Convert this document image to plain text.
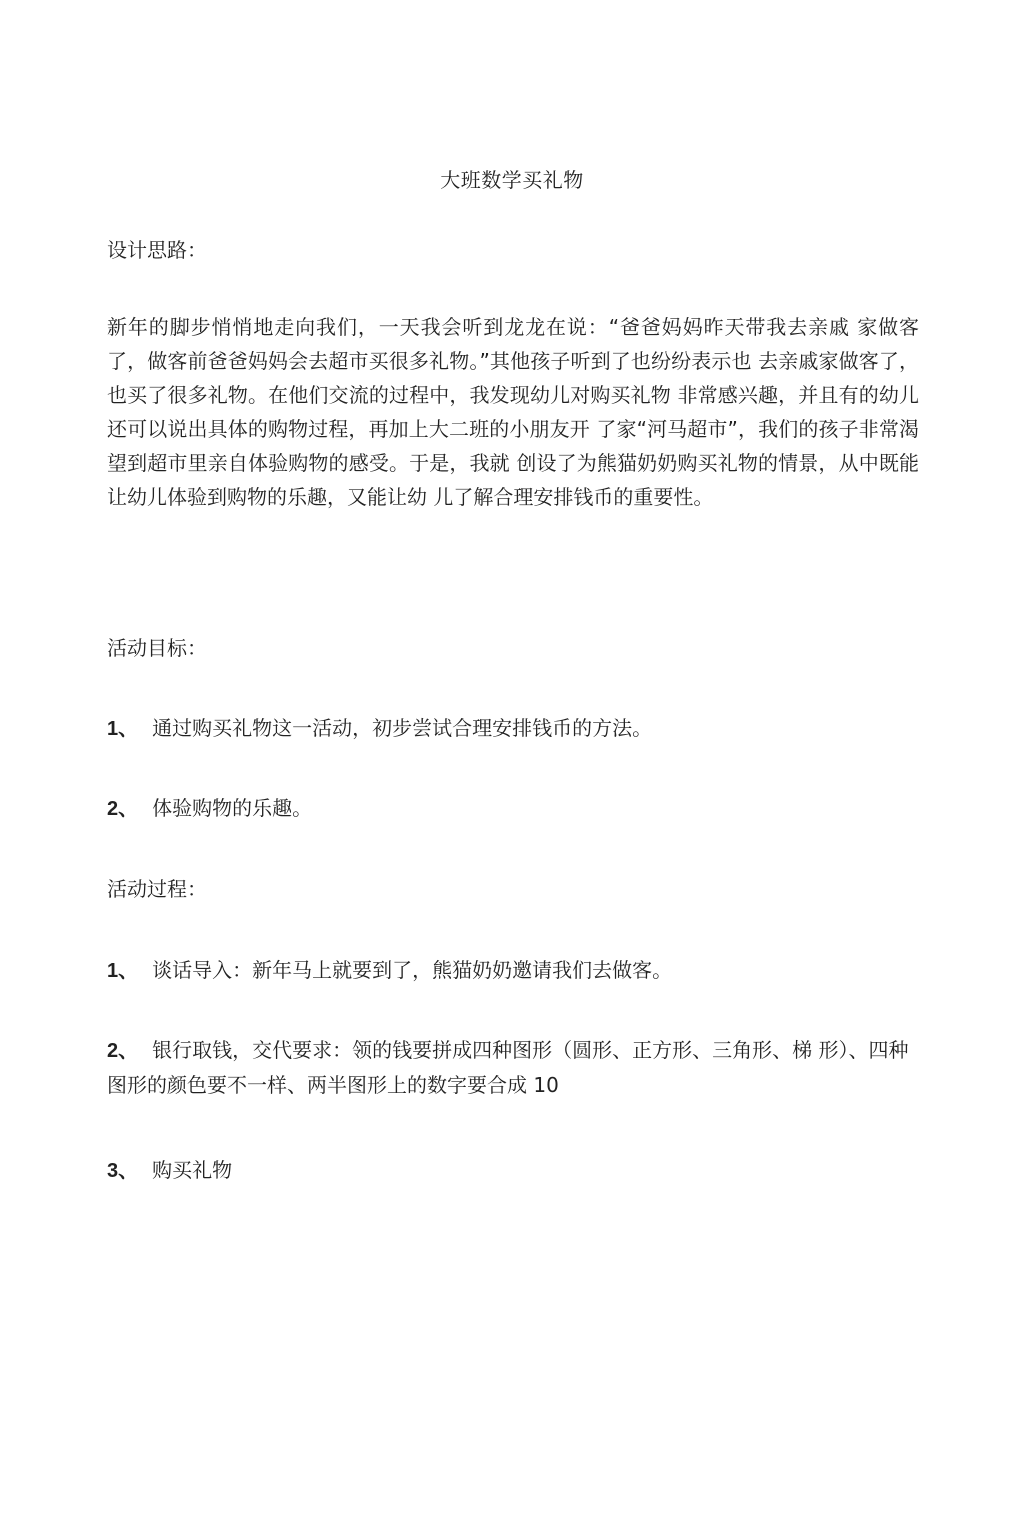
大班数学买礼物
设计思路：
新年的脚步悄悄地走向我们，一天我会听到龙龙在说：“爸爸妈妈昨天带我去亲戚 家做客了，做客前爸爸妈妈会去超市买很多礼物。”其他孩子听到了也纷纷表示也 去亲戚家做客了，也买了很多礼物。在他们交流的过程中，我发现幼儿对购买礼物 非常感兴趣，并且有的幼儿还可以说出具体的购物过程，再加上大二班的小朋友开 了家“河马超市”，我们的孩子非常渴望到超市里亲自体验购物的感受。于是，我就 创设了为熊猫奶奶购买礼物的情景，从中既能让幼儿体验到购物的乐趣，又能让幼 儿了解合理安排钱币的重要性。
活动目标：
1、 通过购买礼物这一活动，初步尝试合理安排钱币的方法。
2、 体验购物的乐趣。
活动过程：
1、 谈话导入：新年马上就要到了，熊猫奶奶邀请我们去做客。
2、 银行取钱，交代要求：领的钱要拼成四种图形（圆形、正方形、三角形、梯 形）、四种图形的颜色要不一样、两半图形上的数字要合成 10
3、 购买礼物
